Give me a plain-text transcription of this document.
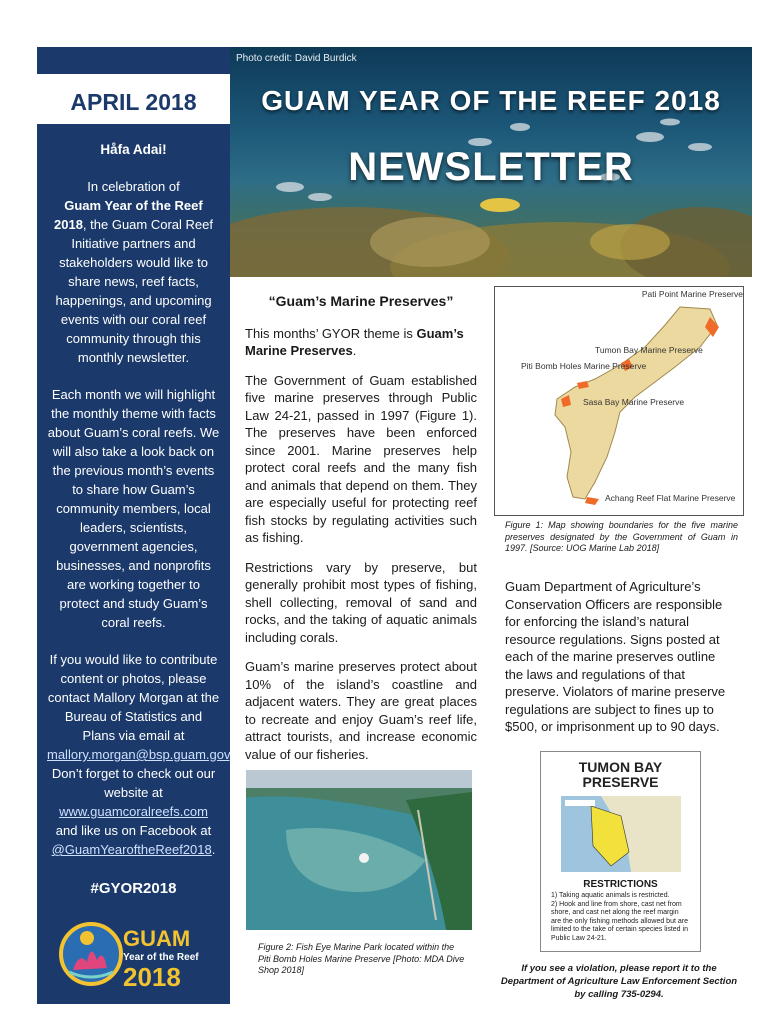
APRIL 2018
Håfa Adai!

In celebration of
Guam Year of the Reef 2018, the Guam Coral Reef Initiative partners and stakeholders would like to share news, reef facts, happenings, and upcoming events with our coral reef community through this monthly newsletter.

Each month we will highlight the monthly theme with facts about Guam’s coral reefs. We will also take a look back on the previous month’s events to share how Guam’s community members, local leaders, scientists, government agencies, businesses, and nonprofits are working together to protect and study Guam’s coral reefs.

If you would like to contribute content or photos, please contact Mallory Morgan at the Bureau of Statistics and Plans via email at mallory.morgan@bsp.guam.gov. Don’t forget to check out our website at www.guamcoralreefs.com and like us on Facebook at @GuamYearoftheReef2018.

#GYOR2018
GUAM
Year of the Reef
2018
Photo credit: David Burdick
GUAM YEAR OF THE REEF 2018
NEWSLETTER
“Guam’s Marine Preserves”

This months’ GYOR theme is Guam’s Marine Preserves.

The Government of Guam established five marine preserves through Public Law 24-21, passed in 1997 (Figure 1). The preserves have been enforced since 2001. Marine preserves help protect coral reefs and the many fish and animals that depend on them. They are especially useful for protecting reef fish stocks by regulating activities such as fishing.

Restrictions vary by preserve, but generally prohibit most types of fishing, shell collecting, removal of sand and rocks, and the taking of aquatic animals including corals.

Guam’s marine preserves protect about 10% of the island’s coastline and adjacent waters. They are great places to recreate and enjoy Guam’s reef life, attract tourists, and increase economic value of our fisheries.

Pati Point Marine Preserve
Tumon Bay Marine Preserve
Piti Bomb Holes Marine Preserve
Sasa Bay Marine Preserve
Achang Reef Flat Marine Preserve
Figure 1: Map showing boundaries for the five marine preserves designated by the Government of Guam in 1997. [Source: UOG Marine Lab 2018]
Guam Department of Agriculture’s Conservation Officers are responsible for enforcing the island’s natural resource regulations. Signs posted at each of the marine preserves outline the laws and regulations of that preserve. Violators of marine preserve regulations are subject to fines up to $500, or imprisonment up to 90 days.
Figure 2: Fish Eye Marine Park located within the Piti Bomb Holes Marine Preserve [Photo: MDA Dive Shop 2018]
TUMON BAY
PRESERVE
RESTRICTIONS
1) Taking aquatic animals is restricted.
2) Hook and line from shore, cast net from shore, and cast net along the reef margin are the only fishing methods allowed but are limited to the take of certain species listed in Public Law 24-21.
If you see a violation, please report it to the Department of Agriculture Law Enforcement Section by calling 735-0294.
